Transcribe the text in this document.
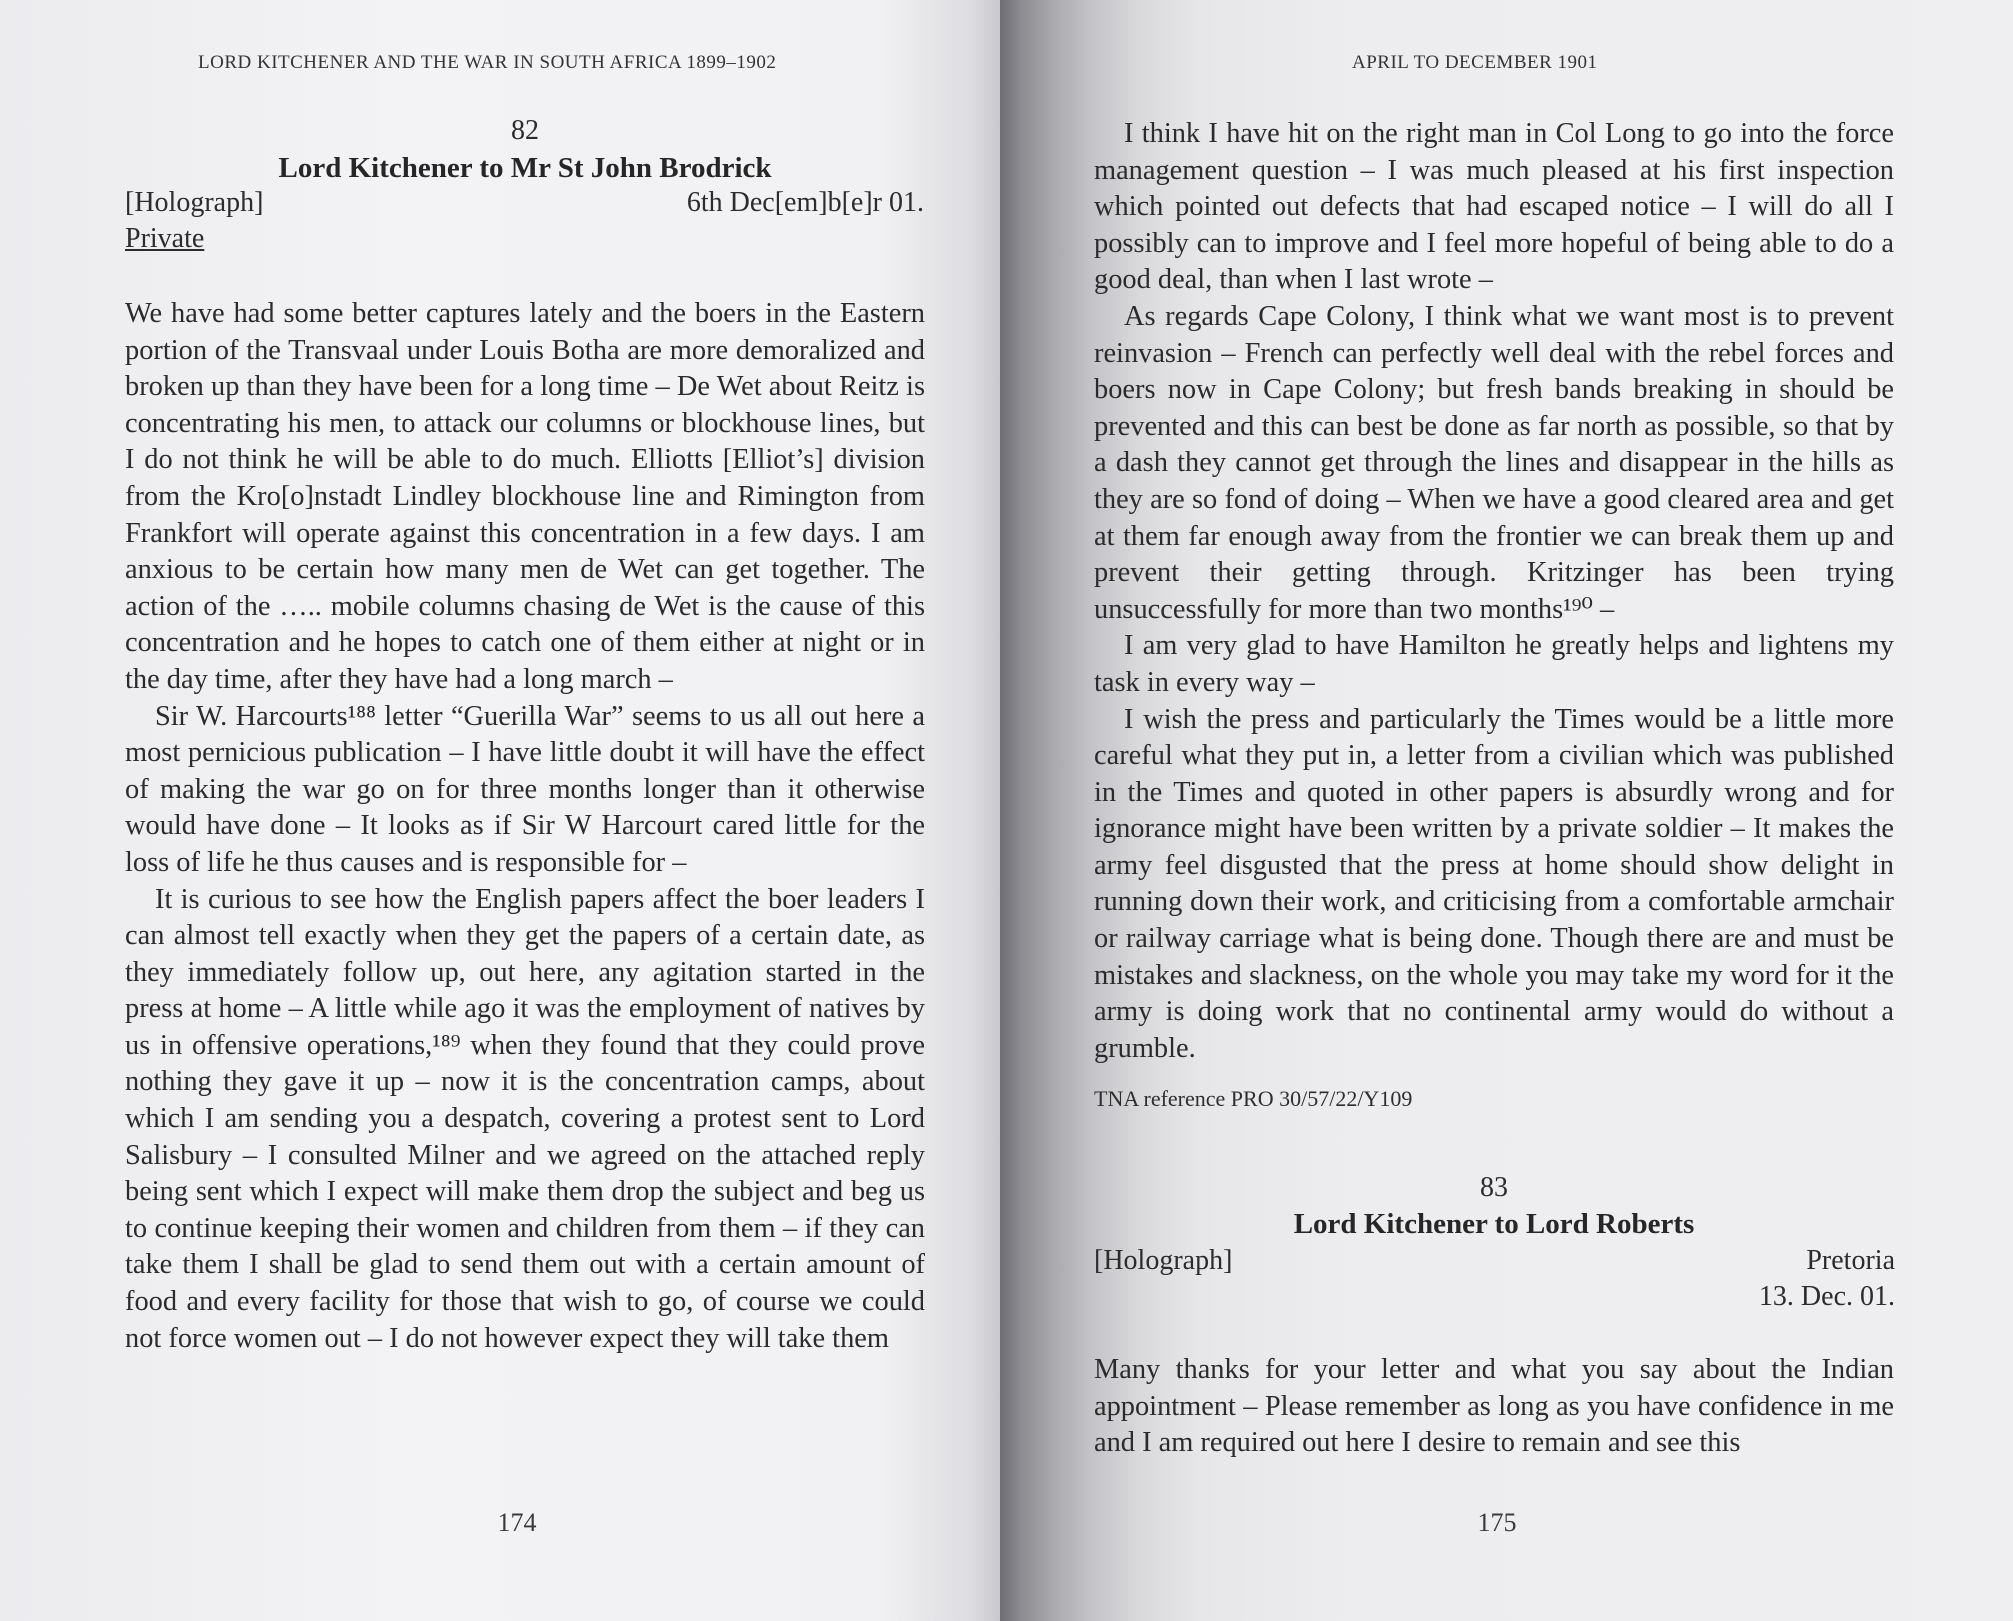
LORD KITCHENER AND THE WAR IN SOUTH AFRICA 1899–1902
82
Lord Kitchener to Mr St John Brodrick
[Holograph]	6th Dec[em]b[e]r 01.
Private

We have had some better captures lately and the boers in the Eastern portion of the Transvaal under Louis Botha are more demoralized and broken up than they have been for a long time – De Wet about Reitz is concentrating his men, to attack our columns or blockhouse lines, but I do not think he will be able to do much. Elliotts [Elliot’s] division from the Kro[o]nstadt Lindley blockhouse line and Rimington from Frankfort will operate against this concentration in a few days. I am anxious to be certain how many men de Wet can get together. The action of the ….. mobile columns chasing de Wet is the cause of this concentration and he hopes to catch one of them either at night or in the day time, after they have had a long march –

Sir W. Harcourts¹⁸⁸ letter “Guerilla War” seems to us all out here a most pernicious publication – I have little doubt it will have the effect of making the war go on for three months longer than it otherwise would have done – It looks as if Sir W Harcourt cared little for the loss of life he thus causes and is responsible for –

It is curious to see how the English papers affect the boer leaders I can almost tell exactly when they get the papers of a certain date, as they immediately follow up, out here, any agitation started in the press at home – A little while ago it was the employment of natives by us in offensive operations,¹⁸⁹ when they found that they could prove nothing they gave it up – now it is the concentration camps, about which I am sending you a despatch, covering a protest sent to Lord Salisbury – I consulted Milner and we agreed on the attached reply being sent which I expect will make them drop the subject and beg us to continue keeping their women and children from them – if they can take them I shall be glad to send them out with a certain amount of food and every facility for those that wish to go, of course we could not force women out – I do not however expect they will take them

174
APRIL TO DECEMBER 1901

I think I have hit on the right man in Col Long to go into the force management question – I was much pleased at his first inspection which pointed out defects that had escaped notice – I will do all I possibly can to improve and I feel more hopeful of being able to do a good deal, than when I last wrote –

As regards Cape Colony, I think what we want most is to prevent reinvasion – French can perfectly well deal with the rebel forces and boers now in Cape Colony; but fresh bands breaking in should be prevented and this can best be done as far north as possible, so that by a dash they cannot get through the lines and disappear in the hills as they are so fond of doing – When we have a good cleared area and get at them far enough away from the frontier we can break them up and prevent their getting through. Kritzinger has been trying unsuccessfully for more than two months¹⁹⁰ –

I am very glad to have Hamilton he greatly helps and lightens my task in every way –

I wish the press and particularly the Times would be a little more careful what they put in, a letter from a civilian which was published in the Times and quoted in other papers is absurdly wrong and for ignorance might have been written by a private soldier – It makes the army feel disgusted that the press at home should show delight in running down their work, and criticising from a comfortable armchair or railway carriage what is being done. Though there are and must be mistakes and slackness, on the whole you may take my word for it the army is doing work that no continental army would do without a grumble.

TNA reference PRO 30/57/22/Y109
83
Lord Kitchener to Lord Roberts
[Holograph]	Pretoria
13. Dec. 01.

Many thanks for your letter and what you say about the Indian appointment – Please remember as long as you have confidence in me and I am required out here I desire to remain and see this

175
